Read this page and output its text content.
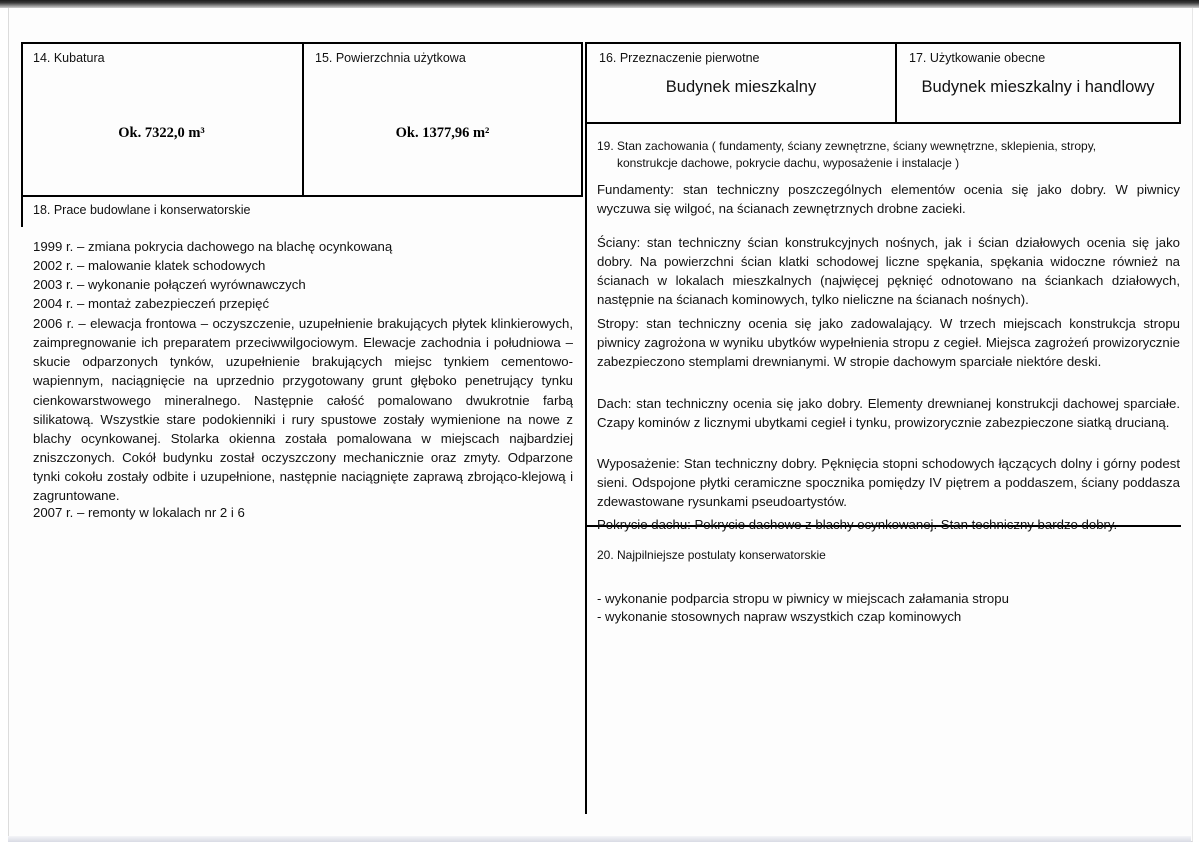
14. Kubatura
Ok. 7322,0 m³
15. Powierzchnia użytkowa
Ok. 1377,96 m²
16. Przeznaczenie pierwotne
Budynek mieszkalny
17. Użytkowanie obecne
Budynek mieszkalny i handlowy
18. Prace budowlane i konserwatorskie
1999 r. – zmiana pokrycia dachowego na blachę ocynkowaną
2002 r. – malowanie klatek schodowych
2003 r. – wykonanie połączeń wyrównawczych
2004 r. – montaż zabezpieczeń przepięć
2006 r. – elewacja frontowa – oczyszczenie, uzupełnienie brakujących płytek klinkierowych, zaimpregnowanie ich preparatem przeciwwilgociowym. Elewacje zachodnia i południowa – skucie odparzonych tynków, uzupełnienie brakujących miejsc tynkiem cementowo-wapiennym, naciągnięcie na uprzednio przygotowany grunt głęboko penetrujący tynku cienkowarstwowego mineralnego. Następnie całość pomalowano dwukrotnie farbą silikatową. Wszystkie stare podokienniki i rury spustowe zostały wymienione na nowe z blachy ocynkowanej. Stolarka okienna została pomalowana w miejscach najbardziej zniszczonych. Cokół budynku został oczyszczony mechanicznie oraz zmyty. Odparzone tynki cokołu zostały odbite i uzupełnione, następnie naciągnięte zaprawą zbrojąco-klejową i zagruntowane.
2007 r. – remonty w lokalach nr 2 i 6
19. Stan zachowania ( fundamenty, ściany zewnętrzne, ściany wewnętrzne, sklepienia, stropy,
konstrukcje dachowe, pokrycie dachu, wyposażenie i instalacje )
Fundamenty: stan techniczny poszczególnych elementów ocenia się jako dobry. W piwnicy wyczuwa się wilgoć, na ścianach zewnętrznych drobne zacieki.
Ściany: stan techniczny ścian konstrukcyjnych nośnych, jak i ścian działowych ocenia się jako dobry. Na powierzchni ścian klatki schodowej liczne spękania, spękania widoczne również na ścianach w lokalach mieszkalnych (najwięcej pęknięć odnotowano na ściankach działowych, następnie na ścianach kominowych, tylko nieliczne na ścianach nośnych).
Stropy: stan techniczny ocenia się jako zadowalający. W trzech miejscach konstrukcja stropu piwnicy zagrożona w wyniku ubytków wypełnienia stropu z cegieł. Miejsca zagrożeń prowizorycznie zabezpieczono stemplami drewnianymi. W stropie dachowym sparciałe niektóre deski.
Dach: stan techniczny ocenia się jako dobry. Elementy drewnianej konstrukcji dachowej sparciałe. Czapy kominów z licznymi ubytkami cegieł i tynku, prowizorycznie zabezpieczone siatką drucianą.
Wyposażenie: Stan techniczny dobry. Pęknięcia stopni schodowych łączących dolny i górny podest sieni. Odspojone płytki ceramiczne spocznika pomiędzy IV piętrem a poddaszem, ściany poddasza zdewastowane rysunkami pseudoartystów.
Pokrycie dachu: Pokrycie dachowe z blachy ocynkowanej. Stan techniczny bardzo dobry.
20. Najpilniejsze postulaty konserwatorskie
- wykonanie podparcia stropu w piwnicy w miejscach załamania stropu
- wykonanie stosownych napraw wszystkich czap kominowych
